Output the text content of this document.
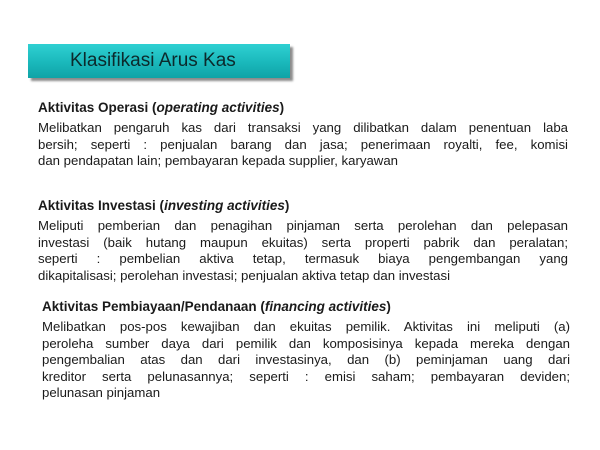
Klasifikasi Arus Kas
Aktivitas Operasi (operating activities)
Melibatkan pengaruh kas dari transaksi yang dilibatkan dalam penentuan laba
bersih; seperti : penjualan barang dan jasa; penerimaan royalti, fee, komisi
dan pendapatan lain; pembayaran kepada supplier, karyawan
Aktivitas Investasi (investing activities)
Meliputi pemberian dan penagihan pinjaman serta perolehan dan pelepasan
investasi (baik hutang maupun ekuitas) serta properti pabrik dan peralatan;
seperti : pembelian aktiva tetap, termasuk biaya pengembangan yang
dikapitalisasi; perolehan investasi; penjualan aktiva tetap dan investasi
Aktivitas Pembiayaan/Pendanaan (financing activities)
Melibatkan pos-pos kewajiban dan ekuitas pemilik. Aktivitas ini meliputi (a)
peroleha sumber daya dari pemilik dan komposisinya kepada mereka dengan
pengembalian atas dan dari investasinya, dan (b) peminjaman uang dari
kreditor serta pelunasannya; seperti : emisi saham; pembayaran deviden;
pelunasan pinjaman
